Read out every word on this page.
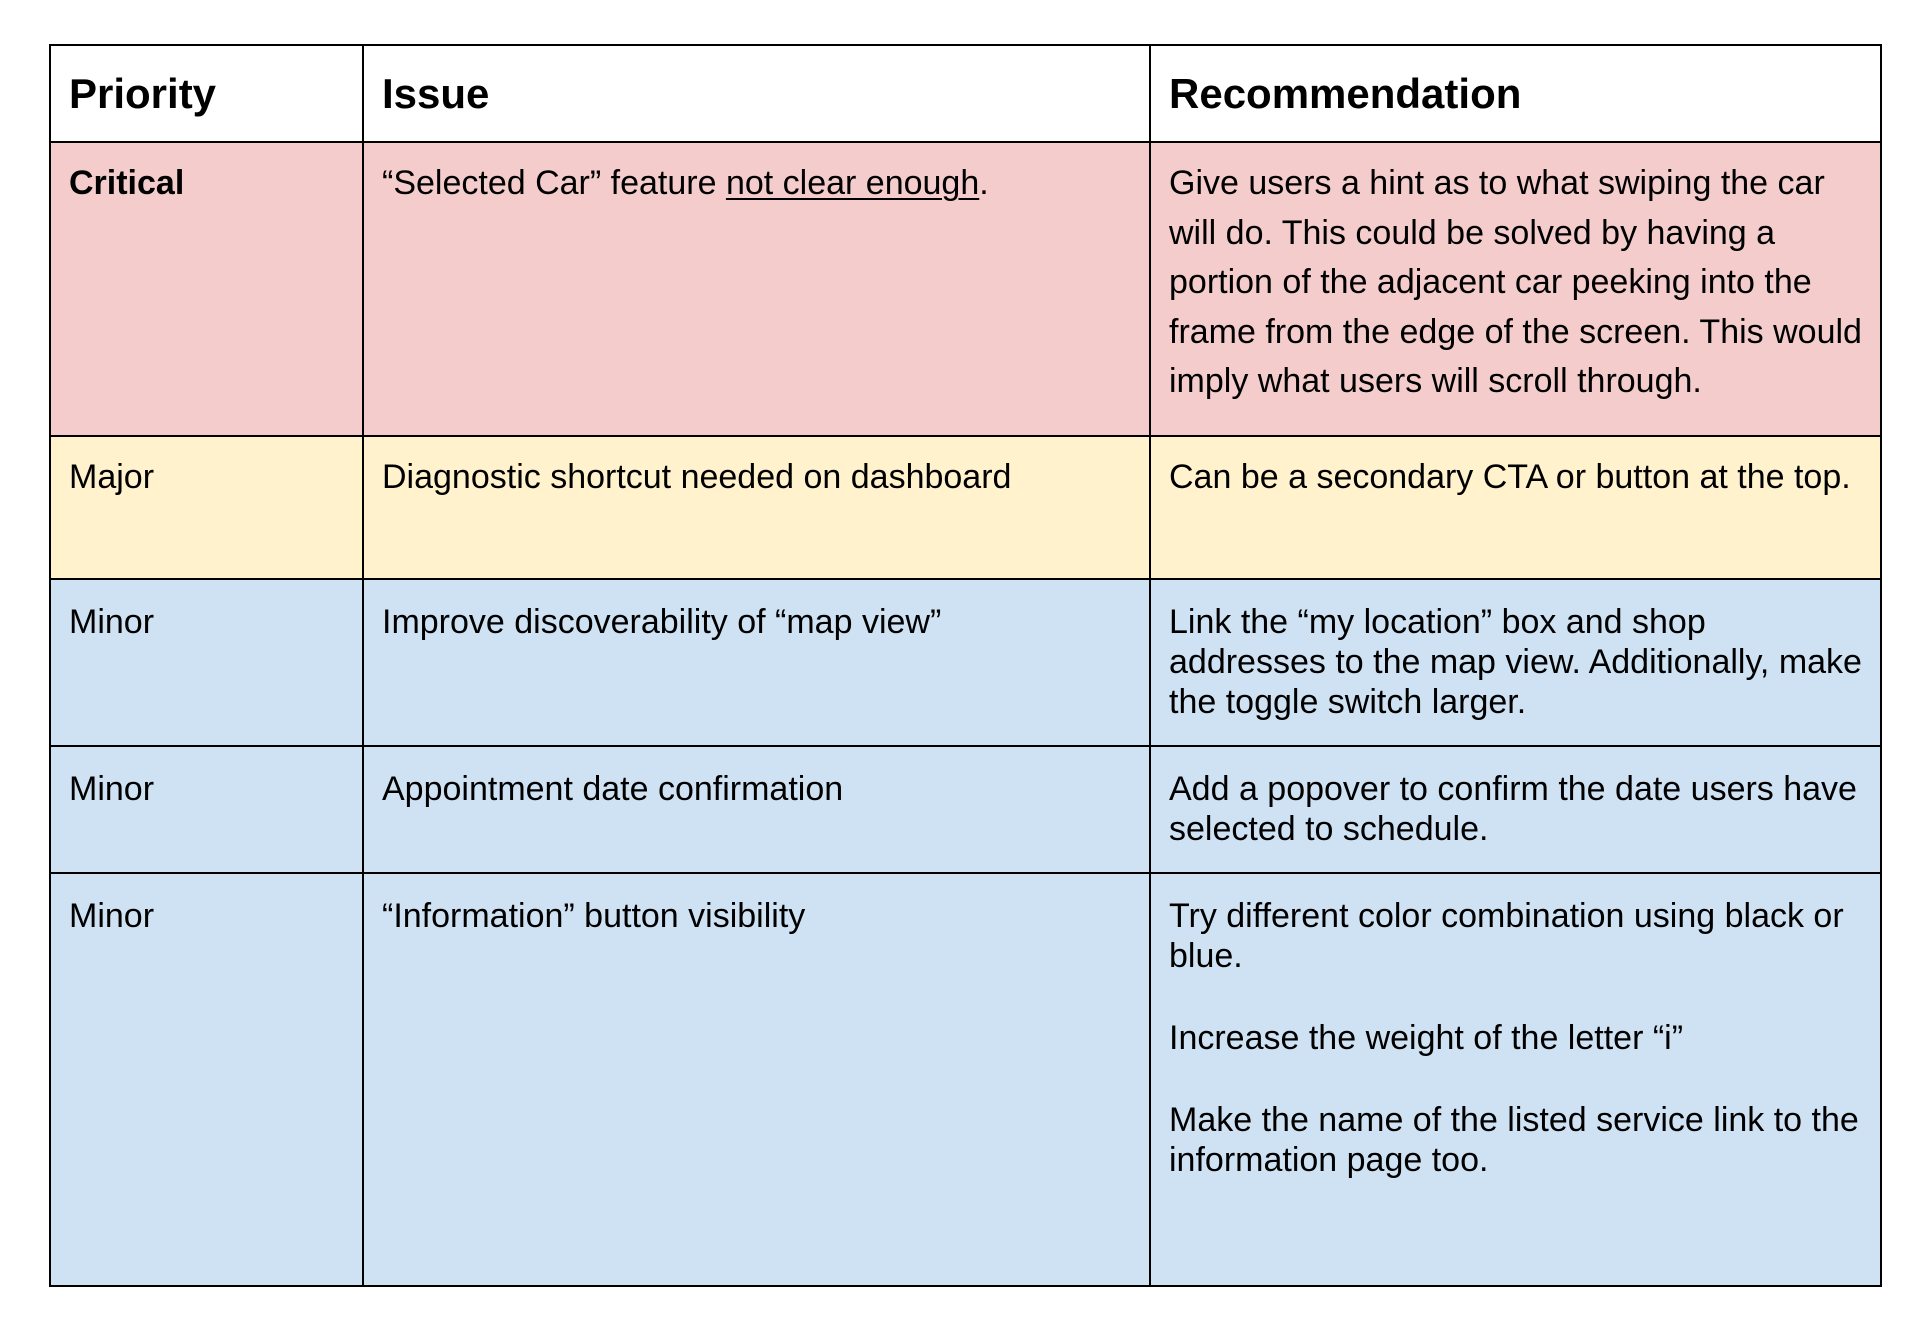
Priority	Issue	Recommendation

Critical	“Selected Car” feature not clear enough.	Give users a hint as to what swiping the car will do. This could be solved by having a portion of the adjacent car peeking into the frame from the edge of the screen. This would imply what users will scroll through.

Major	Diagnostic shortcut needed on dashboard	Can be a secondary CTA or button at the top.

Minor	Improve discoverability of “map view”	Link the “my location” box and shop addresses to the map view. Additionally, make the toggle switch larger.

Minor	Appointment date confirmation	Add a popover to confirm the date users have selected to schedule.

Minor	“Information” button visibility	Try different color combination using black or blue.
Increase the weight of the letter “i”
Make the name of the listed service link to the information page too.
